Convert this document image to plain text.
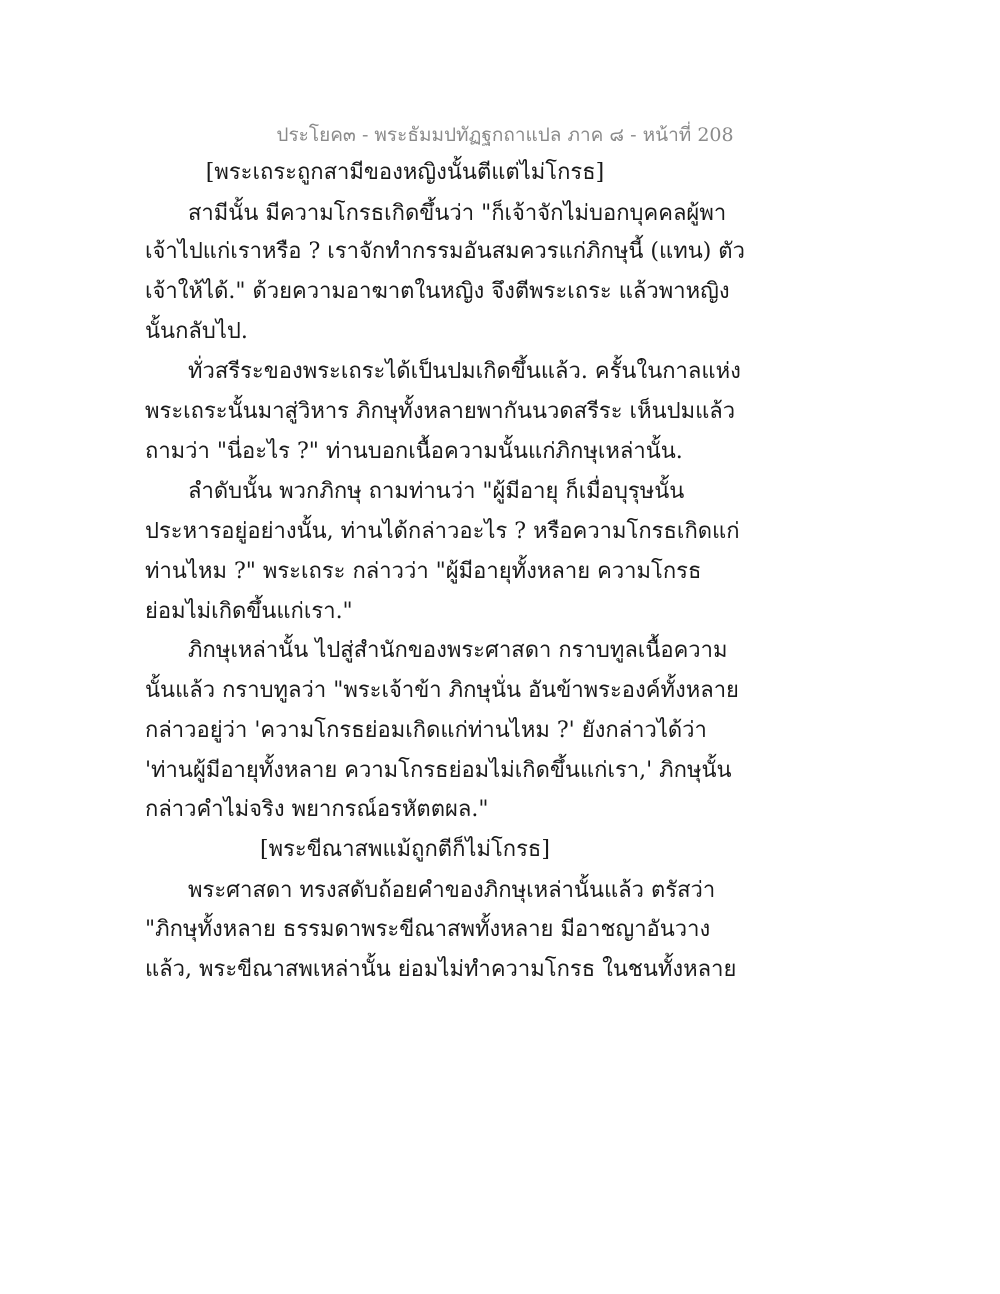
ประโยค๓ - พระธัมมปทัฏฐกถาแปล ภาค ๘ - หน้าที่ 208
[พระเถระถูกสามีของหญิงนั้นตีแต่ไม่โกรธ]
สามีนั้น มีความโกรธเกิดขึ้นว่า "ก็เจ้าจักไม่บอกบุคคลผู้พา
เจ้าไปแก่เราหรือ ? เราจักทำกรรมอันสมควรแก่ภิกษุนี้ (แทน) ตัว
เจ้าให้ได้." ด้วยความอาฆาตในหญิง จึงตีพระเถระ แล้วพาหญิง
นั้นกลับไป.
ทั่วสรีระของพระเถระได้เป็นปมเกิดขึ้นแล้ว. ครั้นในกาลแห่ง
พระเถระนั้นมาสู่วิหาร ภิกษุทั้งหลายพากันนวดสรีระ เห็นปมแล้ว
ถามว่า "นี่อะไร ?" ท่านบอกเนื้อความนั้นแก่ภิกษุเหล่านั้น.
ลำดับนั้น พวกภิกษุ ถามท่านว่า "ผู้มีอายุ ก็เมื่อบุรุษนั้น
ประหารอยู่อย่างนั้น, ท่านได้กล่าวอะไร ? หรือความโกรธเกิดแก่
ท่านไหม ?" พระเถระ กล่าวว่า "ผู้มีอายุทั้งหลาย ความโกรธ
ย่อมไม่เกิดขึ้นแก่เรา."
ภิกษุเหล่านั้น ไปสู่สำนักของพระศาสดา กราบทูลเนื้อความ
นั้นแล้ว กราบทูลว่า "พระเจ้าข้า ภิกษุนั่น อันข้าพระองค์ทั้งหลาย
กล่าวอยู่ว่า 'ความโกรธย่อมเกิดแก่ท่านไหม ?' ยังกล่าวได้ว่า
'ท่านผู้มีอายุทั้งหลาย ความโกรธย่อมไม่เกิดขึ้นแก่เรา,' ภิกษุนั้น
กล่าวคำไม่จริง พยากรณ์อรหัตตผล."
[พระขีณาสพแม้ถูกตีก็ไม่โกรธ]
พระศาสดา ทรงสดับถ้อยคำของภิกษุเหล่านั้นแล้ว ตรัสว่า
"ภิกษุทั้งหลาย ธรรมดาพระขีณาสพทั้งหลาย มีอาชญาอันวาง
แล้ว, พระขีณาสพเหล่านั้น ย่อมไม่ทำความโกรธ ในชนทั้งหลาย
